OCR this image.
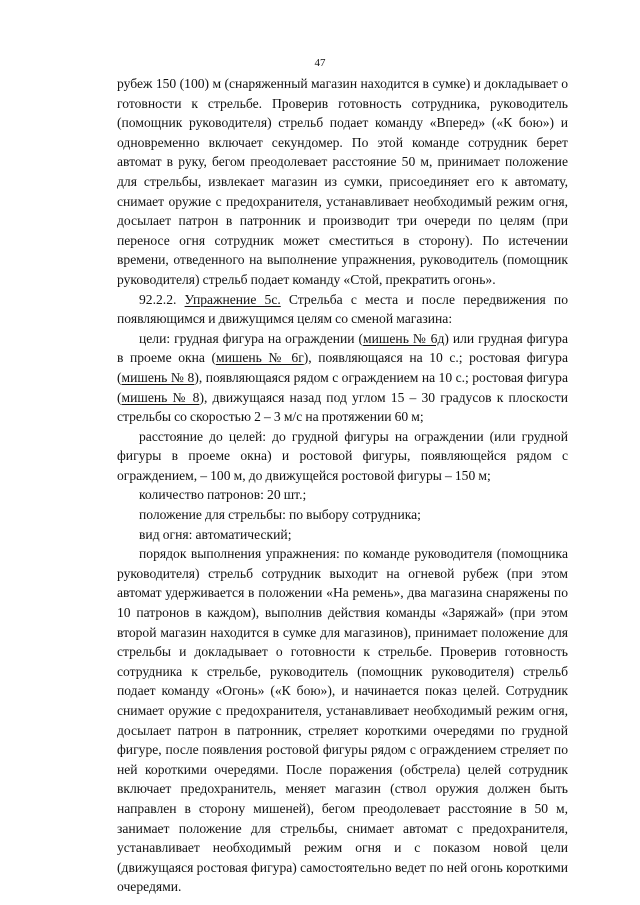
47

рубеж 150 (100) м (снаряженный магазин находится в сумке) и докладывает о готовности к стрельбе. Проверив готовность сотрудника, руководитель (помощник руководителя) стрельб подает команду «Вперед» («К бою») и одновременно включает секундомер. По этой команде сотрудник берет автомат в руку, бегом преодолевает расстояние 50 м, принимает положение для стрельбы, извлекает магазин из сумки, присоединяет его к автомату, снимает оружие с предохранителя, устанавливает необходимый режим огня, досылает патрон в патронник и производит три очереди по целям (при переносе огня сотрудник может сместиться в сторону). По истечении времени, отведенного на выполнение упражнения, руководитель (помощник руководителя) стрельб подает команду «Стой, прекратить огонь».

92.2.2. Упражнение 5с. Стрельба с места и после передвижения по появляющимся и движущимся целям со сменой магазина:

цели: грудная фигура на ограждении (мишень № 6д) или грудная фигура в проеме окна (мишень № 6г), появляющаяся на 10 с.; ростовая фигура (мишень № 8), появляющаяся рядом с ограждением на 10 с.; ростовая фигура (мишень № 8), движущаяся назад под углом 15 – 30 градусов к плоскости стрельбы со скоростью 2 – 3 м/с на протяжении 60 м;

расстояние до целей: до грудной фигуры на ограждении (или грудной фигуры в проеме окна) и ростовой фигуры, появляющейся рядом с ограждением, – 100 м, до движущейся ростовой фигуры – 150 м;

количество патронов: 20 шт.;

положение для стрельбы: по выбору сотрудника;

вид огня: автоматический;

порядок выполнения упражнения: по команде руководителя (помощника руководителя) стрельб сотрудник выходит на огневой рубеж (при этом автомат удерживается в положении «На ремень», два магазина снаряжены по 10 патронов в каждом), выполнив действия команды «Заряжай» (при этом второй магазин находится в сумке для магазинов), принимает положение для стрельбы и докладывает о готовности к стрельбе. Проверив готовность сотрудника к стрельбе, руководитель (помощник руководителя) стрельб подает команду «Огонь» («К бою»), и начинается показ целей. Сотрудник снимает оружие с предохранителя, устанавливает необходимый режим огня, досылает патрон в патронник, стреляет короткими очередями по грудной фигуре, после появления ростовой фигуры рядом с ограждением стреляет по ней короткими очередями. После поражения (обстрела) целей сотрудник включает предохранитель, меняет магазин (ствол оружия должен быть направлен в сторону мишеней), бегом преодолевает расстояние в 50 м, занимает положение для стрельбы, снимает автомат с предохранителя, устанавливает необходимый режим огня и с показом новой цели (движущаяся ростовая фигура) самостоятельно ведет по ней огонь короткими очередями.
